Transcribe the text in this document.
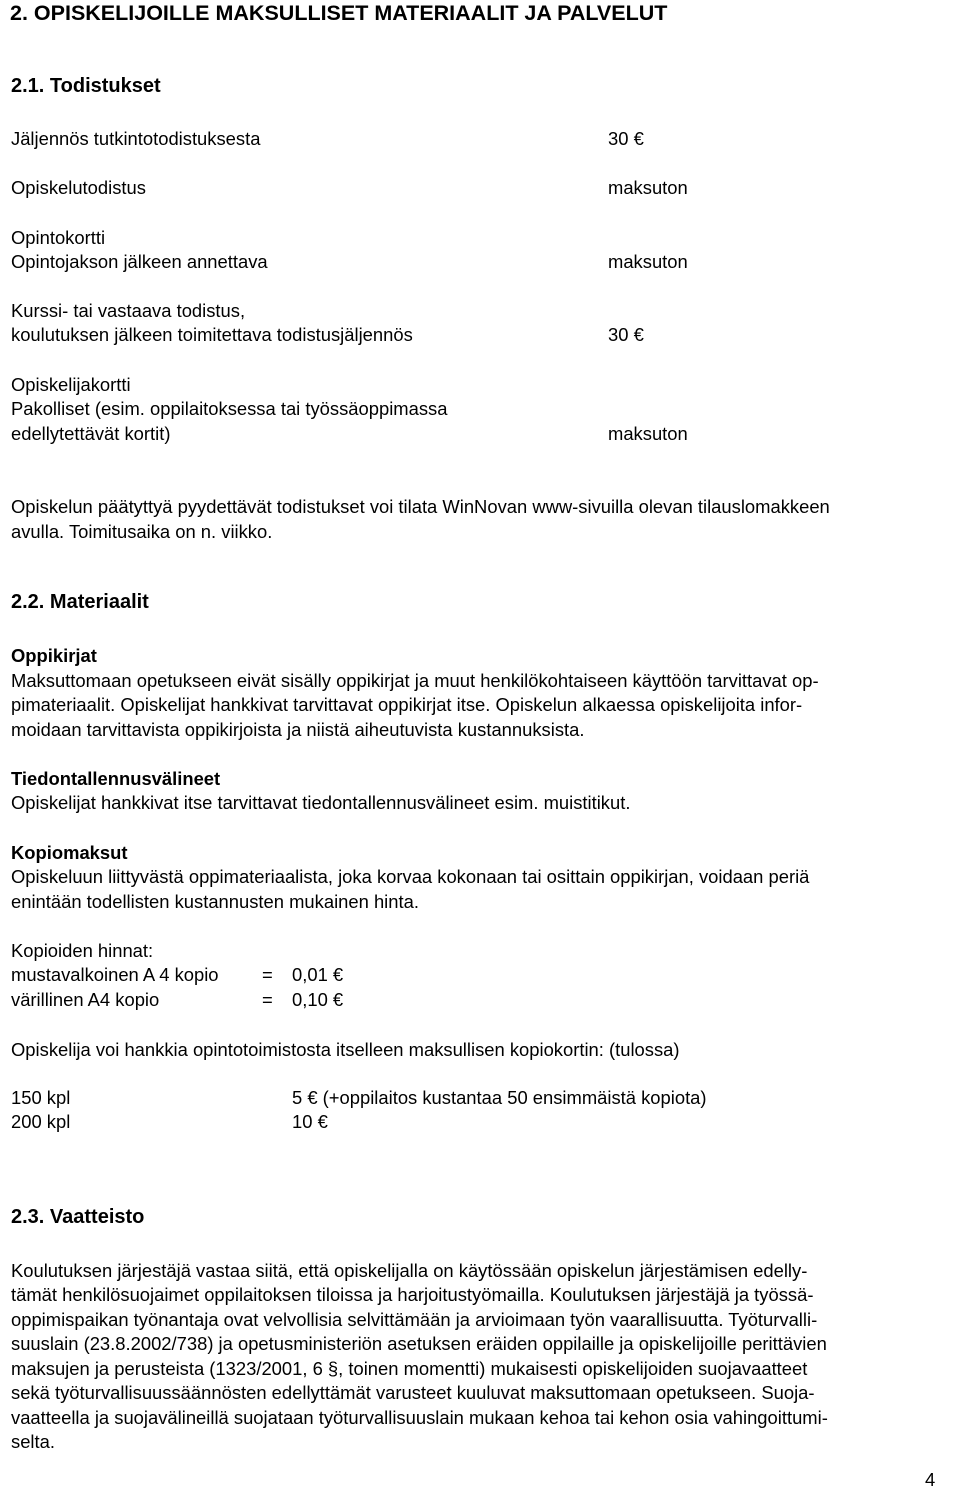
2. OPISKELIJOILLE MAKSULLISET MATERIAALIT JA PALVELUT
2.1. Todistukset
Jäljennös tutkintotodistuksesta	30 €
Opiskelutodistus	maksuton
Opintokortti
Opintojakson jälkeen annettava	maksuton
Kurssi- tai vastaava todistus,
koulutuksen jälkeen toimitettava todistusjäljennös	30 €
Opiskelijakortti
Pakolliset (esim. oppilaitoksessa tai työssäoppimassa
edellytettävät kortit)	maksuton
Opiskelun päätyttyä pyydettävät todistukset voi tilata WinNovan www-sivuilla olevan tilauslomakkeen
avulla. Toimitusaika on n. viikko.
2.2. Materiaalit
Oppikirjat
Maksuttomaan opetukseen eivät sisälly oppikirjat ja muut henkilökohtaiseen käyttöön tarvittavat op-
pimateriaalit. Opiskelijat hankkivat tarvittavat oppikirjat itse. Opiskelun alkaessa opiskelijoita infor-
moidaan tarvittavista oppikirjoista ja niistä aiheutuvista kustannuksista.
Tiedontallennusvälineet
Opiskelijat hankkivat itse tarvittavat tiedontallennusvälineet esim. muistitikut.
Kopiomaksut
Opiskeluun liittyvästä oppimateriaalista, joka korvaa kokonaan tai osittain oppikirjan, voidaan periä
enintään todellisten kustannusten mukainen hinta.
Kopioiden hinnat:
mustavalkoinen A 4 kopio = 0,01 €
värillinen A4 kopio	= 0,10 €
Opiskelija voi hankkia opintotoimistosta itselleen maksullisen kopiokortin: (tulossa)
150 kpl	5 € (+oppilaitos kustantaa 50 ensimmäistä kopiota)
200 kpl	10 €
2.3. Vaatteisto
Koulutuksen järjestäjä vastaa siitä, että opiskelijalla on käytössään opiskelun järjestämisen edelly-
tämät henkilösuojaimet oppilaitoksen tiloissa ja harjoitustyömailla. Koulutuksen järjestäjä ja työssä-
oppimispaikan työnantaja ovat velvollisia selvittämään ja arvioimaan työn vaarallisuutta. Työturvalli-
suuslain (23.8.2002/738) ja opetusministeriön asetuksen eräiden oppilaille ja opiskelijoille perittävien
maksujen ja perusteista (1323/2001, 6 §, toinen momentti) mukaisesti opiskelijoiden suojavaatteet
sekä työturvallisuussäännösten edellyttämät varusteet kuuluvat maksuttomaan opetukseen. Suoja-
vaatteella ja suojavälineillä suojataan työturvallisuuslain mukaan kehoa tai kehon osia vahingoittumi-
selta.
4
